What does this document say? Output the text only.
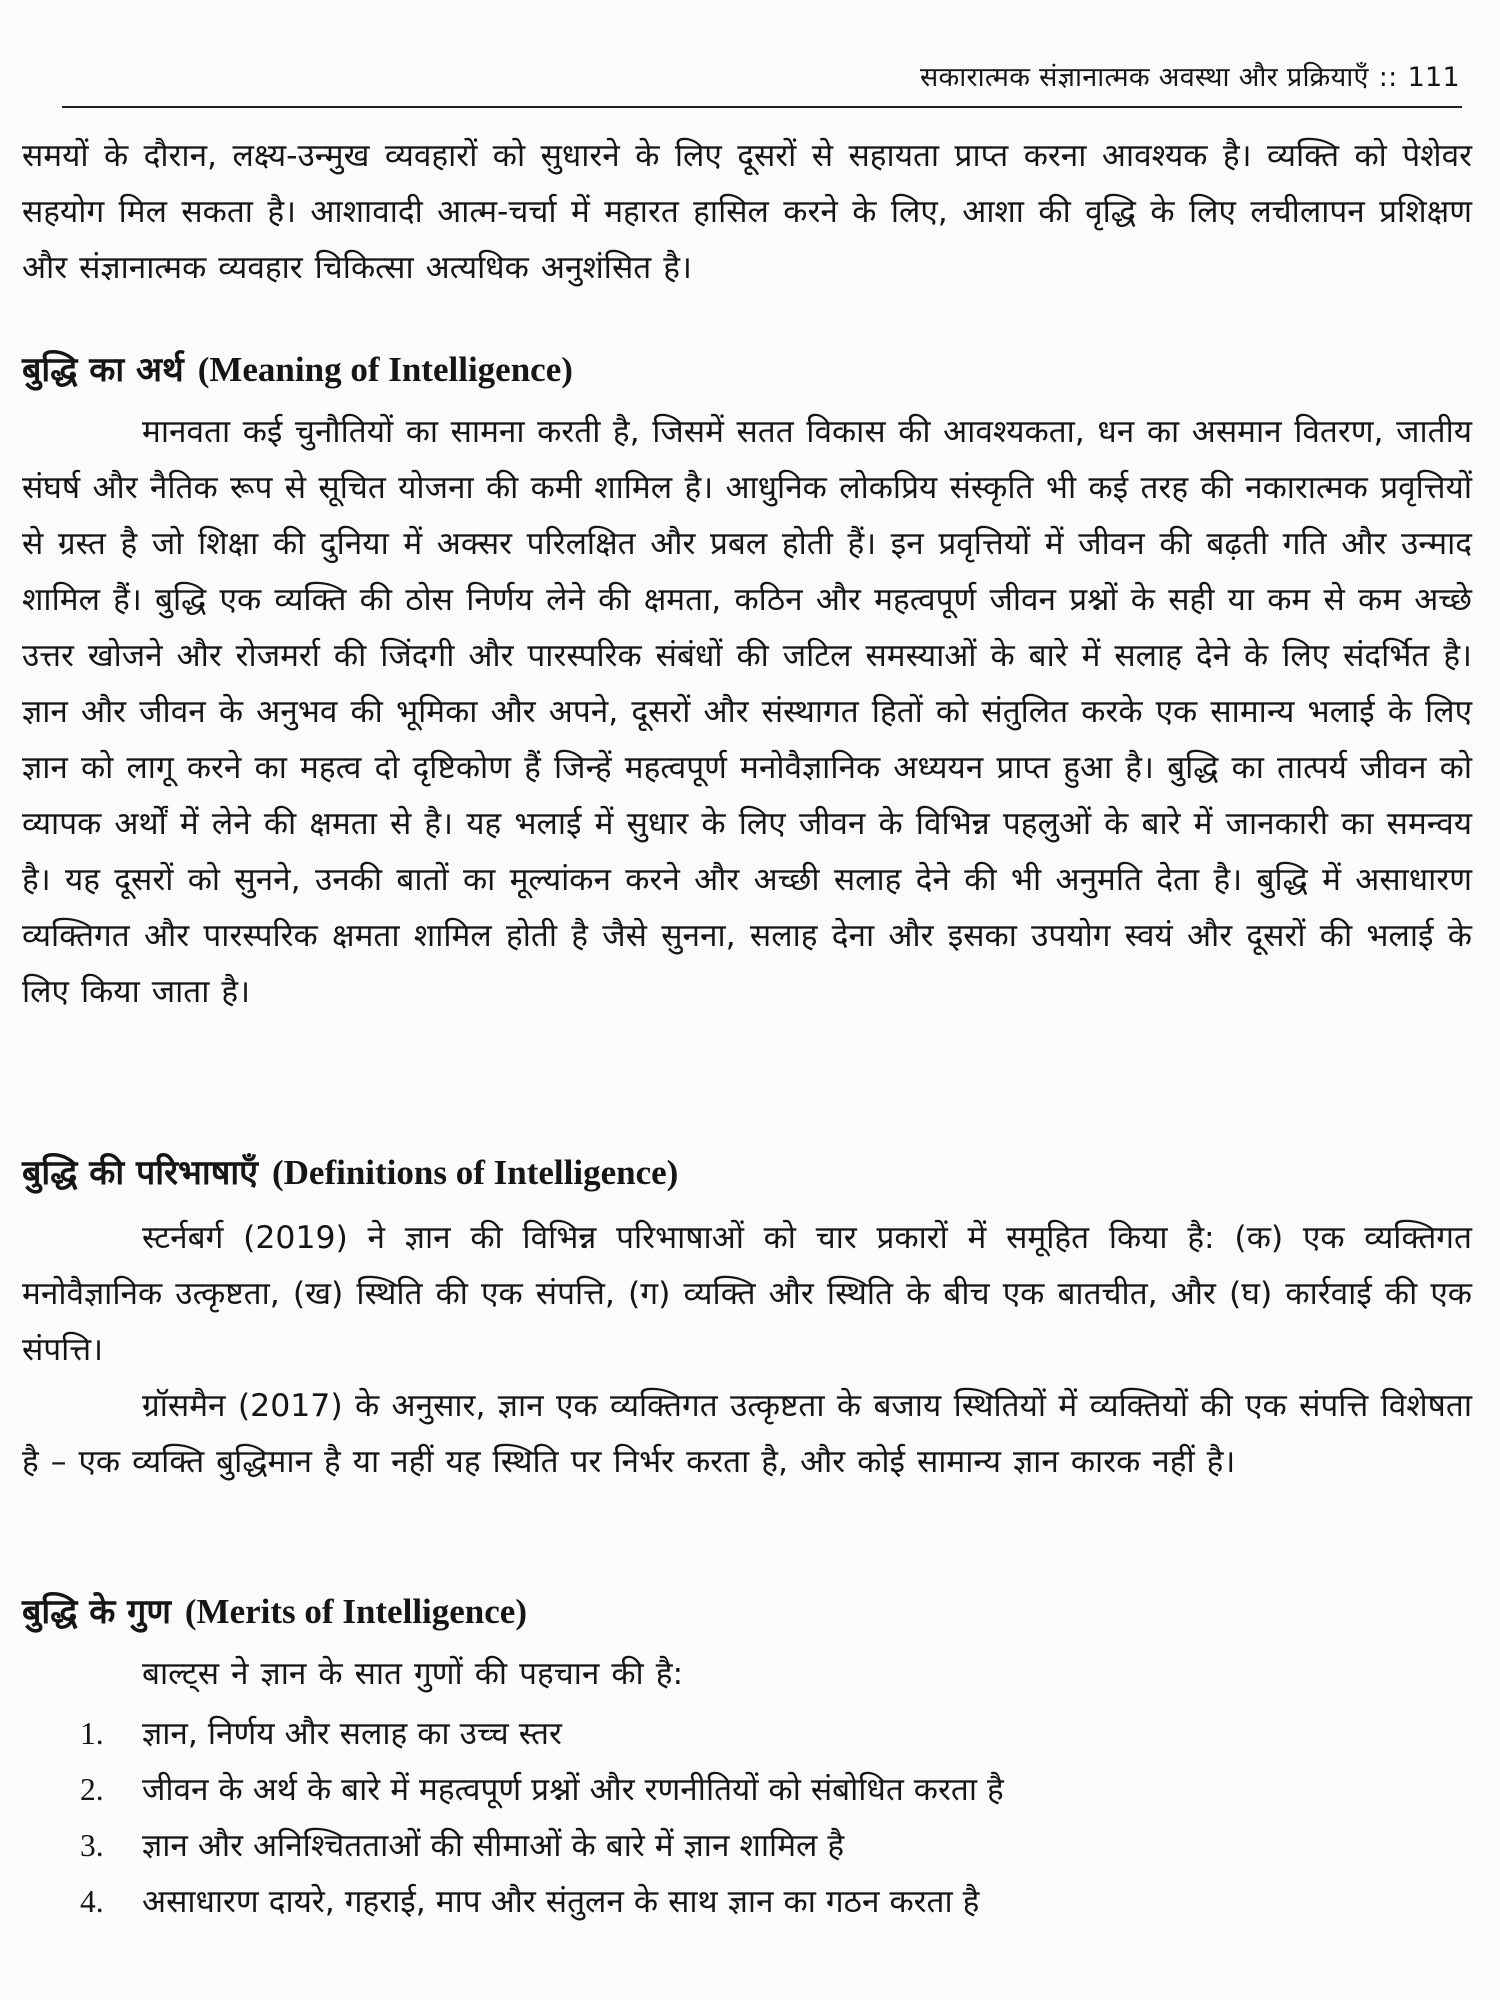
सकारात्मक संज्ञानात्मक अवस्था और प्रक्रियाएँ :: 111

समयों के दौरान, लक्ष्य-उन्मुख व्यवहारों को सुधारने के लिए दूसरों से सहायता प्राप्त करना आवश्यक है। व्यक्ति को पेशेवर सहयोग मिल सकता है। आशावादी आत्म-चर्चा में महारत हासिल करने के लिए, आशा की वृद्धि के लिए लचीलापन प्रशिक्षण और संज्ञानात्मक व्यवहार चिकित्सा अत्यधिक अनुशंसित है।

बुद्धि का अर्थ (Meaning of Intelligence)

मानवता कई चुनौतियों का सामना करती है, जिसमें सतत विकास की आवश्यकता, धन का असमान वितरण, जातीय संघर्ष और नैतिक रूप से सूचित योजना की कमी शामिल है। आधुनिक लोकप्रिय संस्कृति भी कई तरह की नकारात्मक प्रवृत्तियों से ग्रस्त है जो शिक्षा की दुनिया में अक्सर परिलक्षित और प्रबल होती हैं। इन प्रवृत्तियों में जीवन की बढ़ती गति और उन्माद शामिल हैं। बुद्धि एक व्यक्ति की ठोस निर्णय लेने की क्षमता, कठिन और महत्वपूर्ण जीवन प्रश्नों के सही या कम से कम अच्छे उत्तर खोजने और रोजमर्रा की जिंदगी और पारस्परिक संबंधों की जटिल समस्याओं के बारे में सलाह देने के लिए संदर्भित है। ज्ञान और जीवन के अनुभव की भूमिका और अपने, दूसरों और संस्थागत हितों को संतुलित करके एक सामान्य भलाई के लिए ज्ञान को लागू करने का महत्व दो दृष्टिकोण हैं जिन्हें महत्वपूर्ण मनोवैज्ञानिक अध्ययन प्राप्त हुआ है। बुद्धि का तात्पर्य जीवन को व्यापक अर्थों में लेने की क्षमता से है। यह भलाई में सुधार के लिए जीवन के विभिन्न पहलुओं के बारे में जानकारी का समन्वय है। यह दूसरों को सुनने, उनकी बातों का मूल्यांकन करने और अच्छी सलाह देने की भी अनुमति देता है। बुद्धि में असाधारण व्यक्तिगत और पारस्परिक क्षमता शामिल होती है जैसे सुनना, सलाह देना और इसका उपयोग स्वयं और दूसरों की भलाई के लिए किया जाता है।

बुद्धि की परिभाषाएँ (Definitions of Intelligence)

स्टर्नबर्ग (2019) ने ज्ञान की विभिन्न परिभाषाओं को चार प्रकारों में समूहित किया है: (क) एक व्यक्तिगत मनोवैज्ञानिक उत्कृष्टता, (ख) स्थिति की एक संपत्ति, (ग) व्यक्ति और स्थिति के बीच एक बातचीत, और (घ) कार्रवाई की एक संपत्ति।

ग्रॉसमैन (2017) के अनुसार, ज्ञान एक व्यक्तिगत उत्कृष्टता के बजाय स्थितियों में व्यक्तियों की एक संपत्ति विशेषता है – एक व्यक्ति बुद्धिमान है या नहीं यह स्थिति पर निर्भर करता है, और कोई सामान्य ज्ञान कारक नहीं है।

बुद्धि के गुण (Merits of Intelligence)

बाल्ट्स ने ज्ञान के सात गुणों की पहचान की है:

1.	ज्ञान, निर्णय और सलाह का उच्च स्तर
2.	जीवन के अर्थ के बारे में महत्वपूर्ण प्रश्नों और रणनीतियों को संबोधित करता है
3.	ज्ञान और अनिश्चितताओं की सीमाओं के बारे में ज्ञान शामिल है
4.	असाधारण दायरे, गहराई, माप और संतुलन के साथ ज्ञान का गठन करता है
